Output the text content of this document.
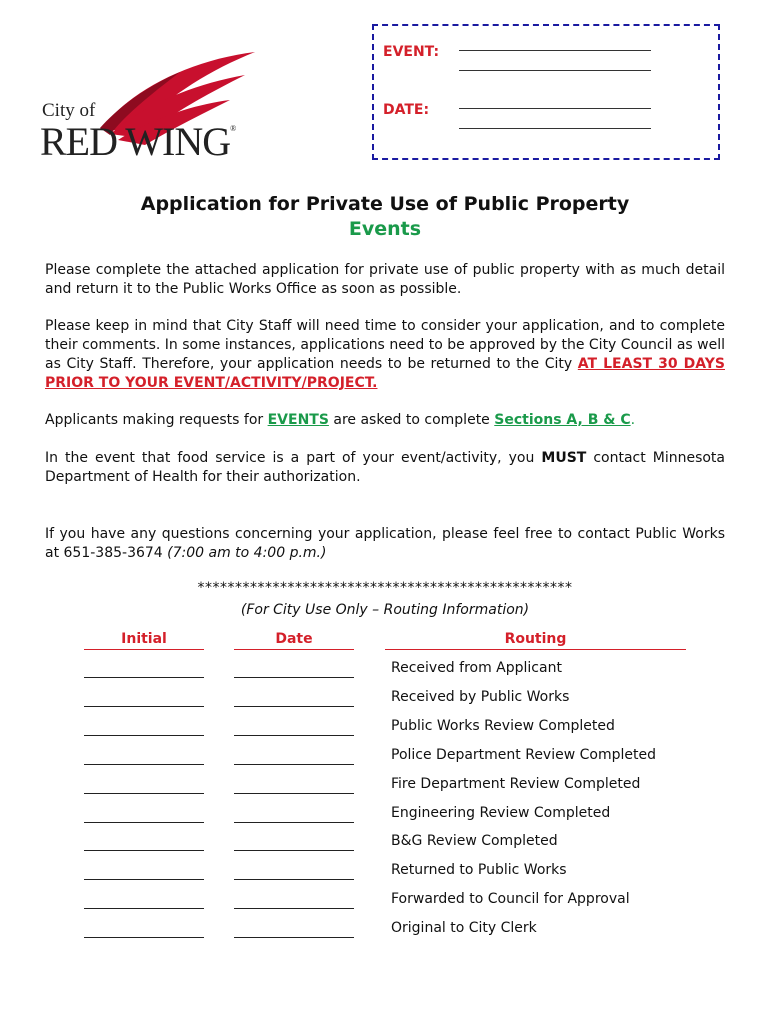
City of
RED WING®
EVENT:
DATE:
Application for Private Use of Public Property
Events
Please complete the attached application for private use of public property with as much detail and return it to the Public Works Office as soon as possible.
Please keep in mind that City Staff will need time to consider your application, and to complete their comments. In some instances, applications need to be approved by the City Council as well as City Staff. Therefore, your application needs to be returned to the City AT LEAST 30 DAYS PRIOR TO YOUR EVENT/ACTIVITY/PROJECT.
Applicants making requests for EVENTS are asked to complete Sections A, B & C.
In the event that food service is a part of your event/activity, you MUST contact Minnesota Department of Health for their authorization.
If you have any questions concerning your application, please feel free to contact Public Works at 651-385-3674 (7:00 am to 4:00 p.m.)
**************************************************
(For City Use Only – Routing Information)
Initial	Date	Routing
Received from Applicant
Received by Public Works
Public Works Review Completed
Police Department Review Completed
Fire Department Review Completed
Engineering Review Completed
B&G Review Completed
Returned to Public Works
Forwarded to Council for Approval
Original to City Clerk
